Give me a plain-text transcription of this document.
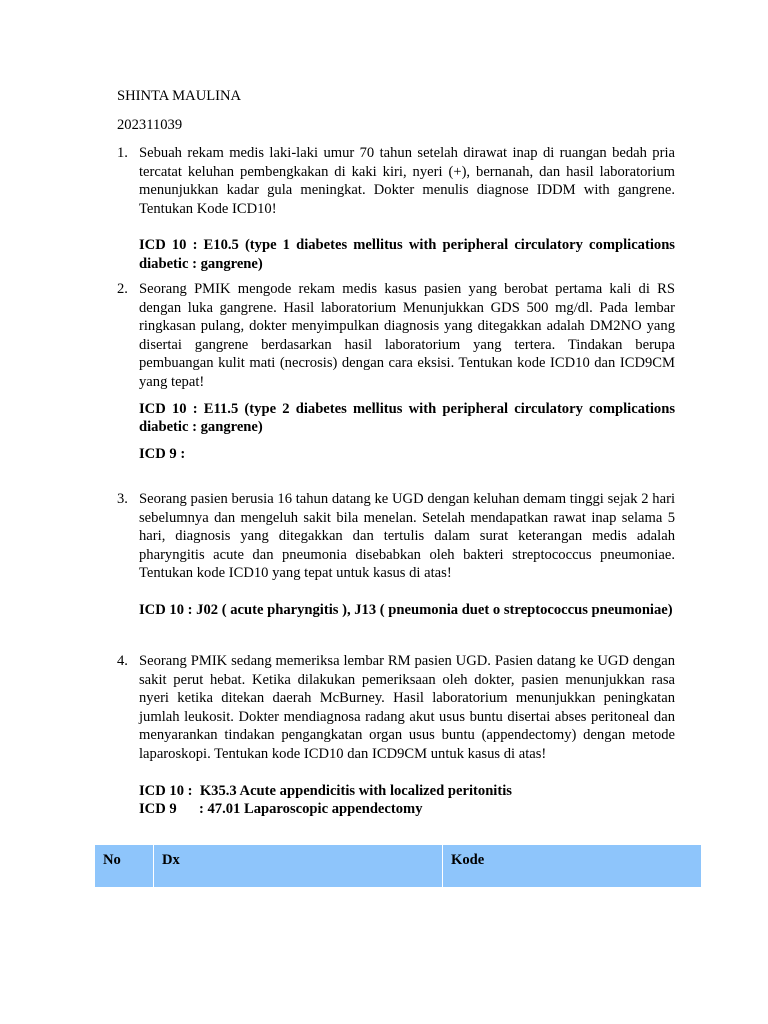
SHINTA MAULINA
202311039
1. Sebuah rekam medis laki-laki umur 70 tahun setelah dirawat inap di ruangan bedah pria tercatat keluhan pembengkakan di kaki kiri, nyeri (+), bernanah, dan hasil laboratorium menunjukkan kadar gula meningkat. Dokter menulis diagnose IDDM with gangrene. Tentukan Kode ICD10!
ICD 10 : E10.5 (type 1 diabetes mellitus with peripheral circulatory complications diabetic : gangrene)
2. Seorang PMIK mengode rekam medis kasus pasien yang berobat pertama kali di RS dengan luka gangrene. Hasil laboratorium Menunjukkan GDS 500 mg/dl. Pada lembar ringkasan pulang, dokter menyimpulkan diagnosis yang ditegakkan adalah DM2NO yang disertai gangrene berdasarkan hasil laboratorium yang tertera. Tindakan berupa pembuangan kulit mati (necrosis) dengan cara eksisi. Tentukan kode ICD10 dan ICD9CM yang tepat!
ICD 10 : E11.5 (type 2 diabetes mellitus with peripheral circulatory complications diabetic : gangrene)
ICD 9 :
3. Seorang pasien berusia 16 tahun datang ke UGD dengan keluhan demam tinggi sejak 2 hari sebelumnya dan mengeluh sakit bila menelan. Setelah mendapatkan rawat inap selama 5 hari, diagnosis yang ditegakkan dan tertulis dalam surat keterangan medis adalah pharyngitis acute dan pneumonia disebabkan oleh bakteri streptococcus pneumoniae. Tentukan kode ICD10 yang tepat untuk kasus di atas!
ICD 10 : J02 ( acute pharyngitis ), J13 ( pneumonia duet o streptococcus pneumoniae)
4. Seorang PMIK sedang memeriksa lembar RM pasien UGD. Pasien datang ke UGD dengan sakit perut hebat. Ketika dilakukan pemeriksaan oleh dokter, pasien menunjukkan rasa nyeri ketika ditekan daerah McBurney. Hasil laboratorium menunjukkan peningkatan jumlah leukosit. Dokter mendiagnosa radang akut usus buntu disertai abses peritoneal dan menyarankan tindakan pengangkatan organ usus buntu (appendectomy) dengan metode laparoskopi. Tentukan kode ICD10 dan ICD9CM untuk kasus di atas!
ICD 10 : K35.3 Acute appendicitis with localized peritonitis
ICD 9 : 47.01 Laparoscopic appendectomy
No	Dx	Kode
